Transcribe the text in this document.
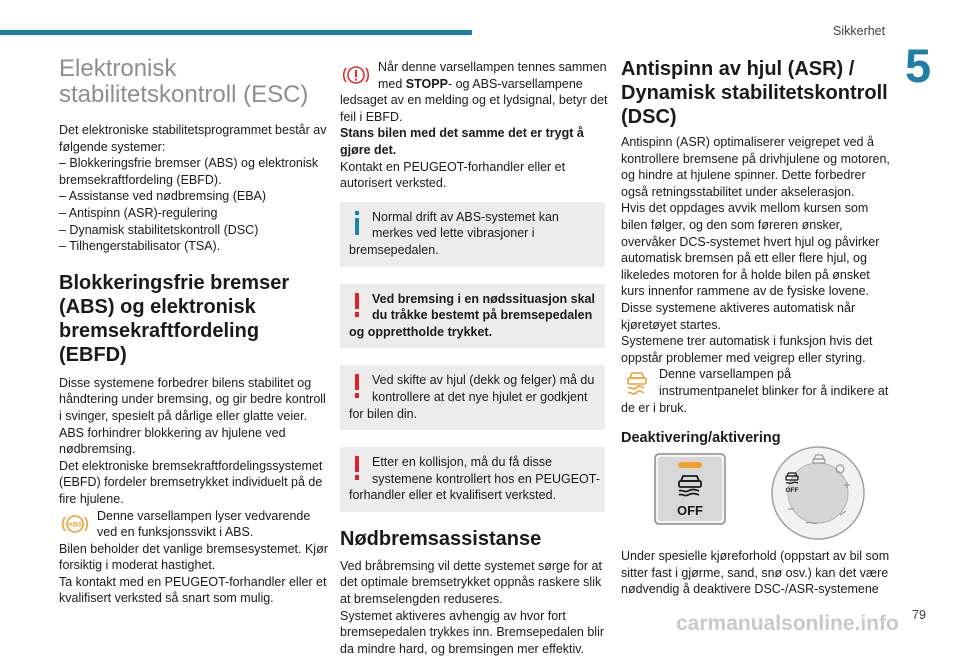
Sikkerhet
5
Elektronisk
stabilitetskontroll (ESC)
Det elektroniske stabilitetsprogrammet består av
følgende systemer:
– Blokkeringsfrie bremser (ABS) og elektronisk
bremsekraftfordeling (EBFD).
– Assistanse ved nødbremsing (EBA)
– Antispinn (ASR)-regulering
– Dynamisk stabilitetskontroll (DSC)
– Tilhengerstabilisator (TSA).
Blokkeringsfrie bremser
(ABS) og elektronisk
bremsekraftfordeling
(EBFD)
Disse systemene forbedrer bilens stabilitet og
håndtering under bremsing, og gir bedre kontroll
i svinger, spesielt på dårlige eller glatte veier.
ABS forhindrer blokkering av hjulene ved
nødbremsing.
Det elektroniske bremsekraftfordelingssystemet
(EBFD) fordeler bremsetrykket individuelt på de
fire hjulene.
ABS
Denne varsellampen lyser vedvarende
ved en funksjonssvikt i ABS.
Bilen beholder det vanlige bremsesystemet. Kjør
forsiktig i moderat hastighet.
Ta kontakt med en PEUGEOT-forhandler eller et
kvalifisert verksted så snart som mulig.
Når denne varsellampen tennes sammen
med STOPP- og ABS-varsellampene
ledsaget av en melding og et lydsignal, betyr det
feil i EBFD.
Stans bilen med det samme det er trygt å
gjøre det.
Kontakt en PEUGEOT-forhandler eller et
autorisert verksted.
Normal drift av ABS-systemet kan
merkes ved lette vibrasjoner i
bremsepedalen.
Ved bremsing i en nødssituasjon skal
du tråkke bestemt på bremsepedalen
og opprettholde trykket.
Ved skifte av hjul (dekk og felger) må du
kontrollere at det nye hjulet er godkjent
for bilen din.
Etter en kollisjon, må du få disse
systemene kontrollert hos en PEUGEOT-
forhandler eller et kvalifisert verksted.
Nødbremsassistanse
Ved bråbremsing vil dette systemet sørge for at
det optimale bremsetrykket oppnås raskere slik
at bremselengden reduseres.
Systemet aktiveres avhengig av hvor fort
bremsepedalen trykkes inn. Bremsepedalen blir
da mindre hard, og bremsingen mer effektiv.
Antispinn av hjul (ASR) /
Dynamisk stabilitetskontroll
(DSC)
Antispinn (ASR) optimaliserer veigrepet ved å
kontrollere bremsene på drivhjulene og motoren,
og hindre at hjulene spinner. Dette forbedrer
også retningsstabilitet under akselerasjon.
Hvis det oppdages avvik mellom kursen som
bilen følger, og den som føreren ønsker,
overvåker DCS-systemet hvert hjul og påvirker
automatisk bremsen på ett eller flere hjul, og
likeledes motoren for å holde bilen på ønsket
kurs innenfor rammene av de fysiske lovene.
Disse systemene aktiveres automatisk når
kjøretøyet startes.
Systemene trer automatisk i funksjon hvis det
oppstår problemer med veigrep eller styring.
Denne varsellampen på
instrumentpanelet blinker for å indikere at
de er i bruk.
Deaktivering/aktivering
OFF
OFF
Under spesielle kjøreforhold (oppstart av bil som
sitter fast i gjørme, sand, snø osv.) kan det være
nødvendig å deaktivere DSC-/ASR-systemene
carmanualsonline.info 79
